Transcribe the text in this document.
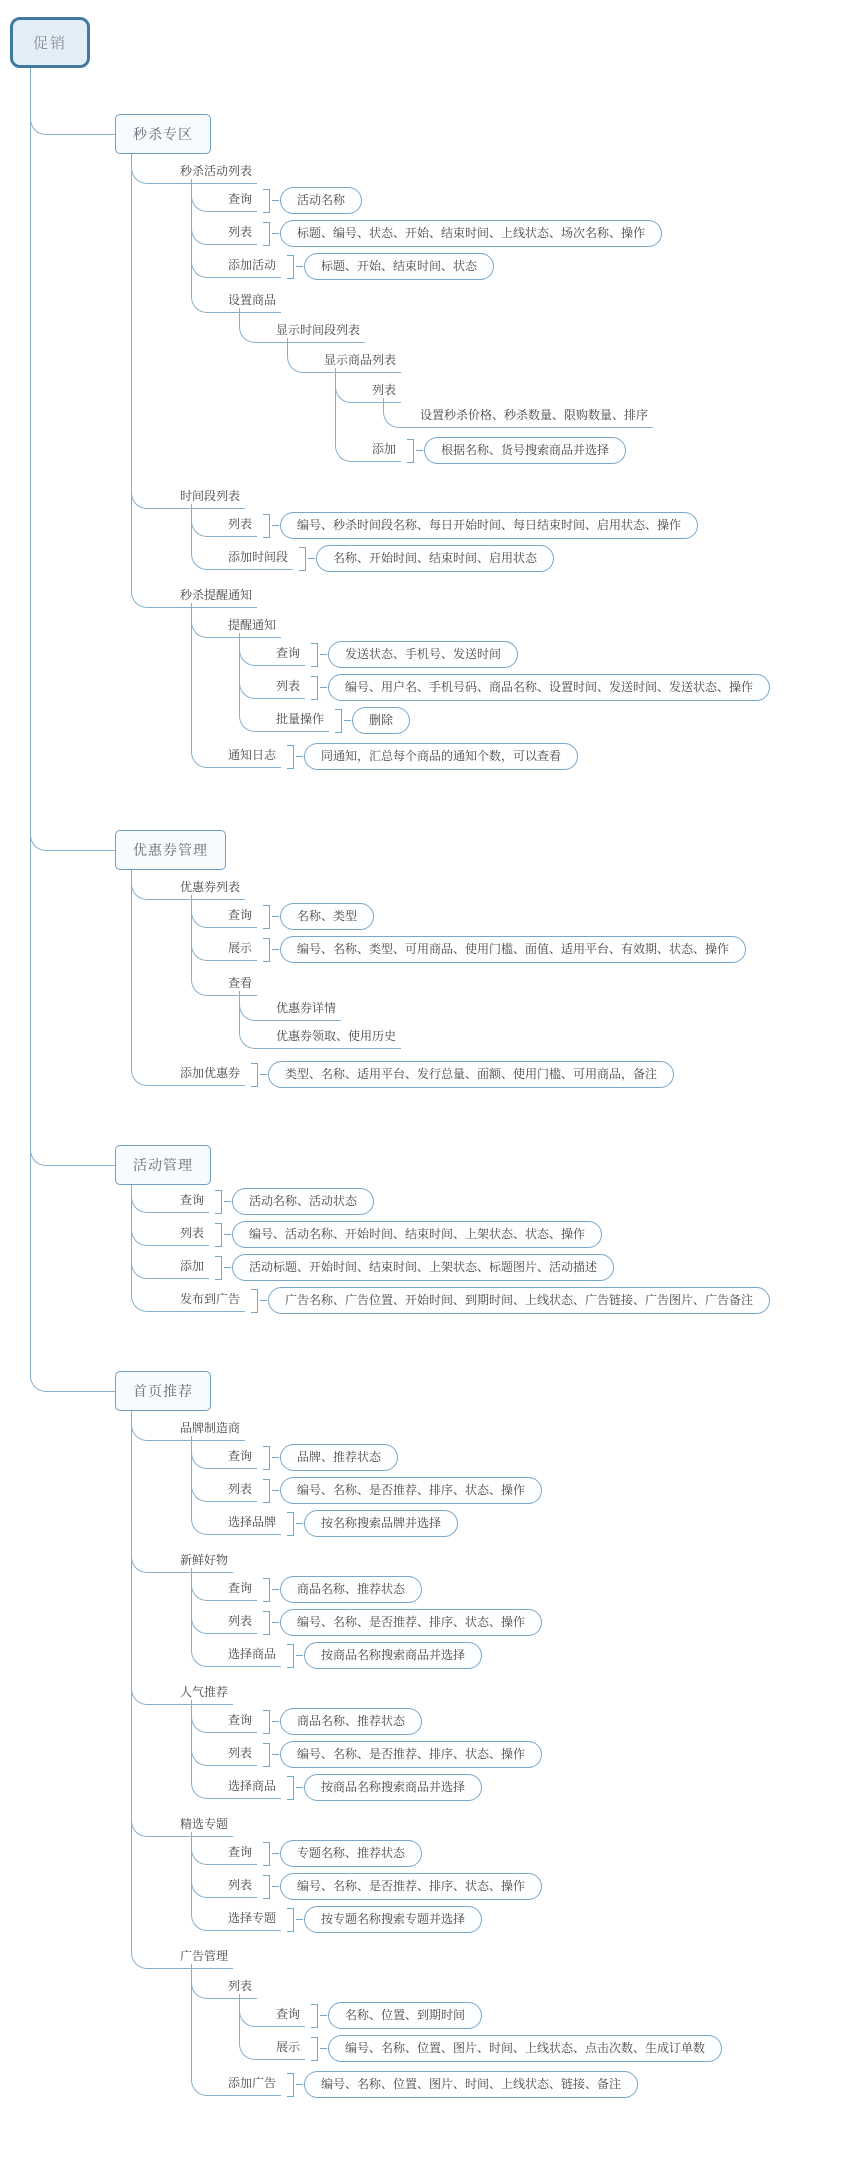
促销
秒杀专区
秒杀活动列表
查询	活动名称
列表	标题、编号、状态、开始、结束时间、上线状态、场次名称、操作
添加活动	标题、开始、结束时间、状态
设置商品
显示时间段列表
显示商品列表
列表
设置秒杀价格、秒杀数量、限购数量、排序
添加	根据名称、货号搜索商品并选择
时间段列表
列表	编号、秒杀时间段名称、每日开始时间、每日结束时间、启用状态、操作
添加时间段	名称、开始时间、结束时间、启用状态
秒杀提醒通知
提醒通知
查询	发送状态、手机号、发送时间
列表	编号、用户名、手机号码、商品名称、设置时间、发送时间、发送状态、操作
批量操作	删除
通知日志	同通知，汇总每个商品的通知个数，可以查看
优惠券管理
优惠券列表
查询	名称、类型
展示	编号、名称、类型、可用商品、使用门槛、面值、适用平台、有效期、状态、操作
查看
优惠券详情
优惠券领取、使用历史
添加优惠券	类型、名称、适用平台、发行总量、面额、使用门槛、可用商品，备注
活动管理
查询	活动名称、活动状态
列表	编号、活动名称、开始时间、结束时间、上架状态、状态、操作
添加	活动标题、开始时间、结束时间、上架状态、标题图片、活动描述
发布到广告	广告名称、广告位置、开始时间、到期时间、上线状态、广告链接、广告图片、广告备注
首页推荐
品牌制造商
查询	品牌、推荐状态
列表	编号、名称、是否推荐、排序、状态、操作
选择品牌	按名称搜索品牌并选择
新鲜好物
查询	商品名称、推荐状态
列表	编号、名称、是否推荐、排序、状态、操作
选择商品	按商品名称搜索商品并选择
人气推荐
查询	商品名称、推荐状态
列表	编号、名称、是否推荐、排序、状态、操作
选择商品	按商品名称搜索商品并选择
精选专题
查询	专题名称、推荐状态
列表	编号、名称、是否推荐、排序、状态、操作
选择专题	按专题名称搜索专题并选择
广告管理
列表
查询	名称、位置、到期时间
展示	编号、名称、位置、图片、时间、上线状态、点击次数、生成订单数
添加广告	编号、名称、位置、图片、时间、上线状态、链接、备注
